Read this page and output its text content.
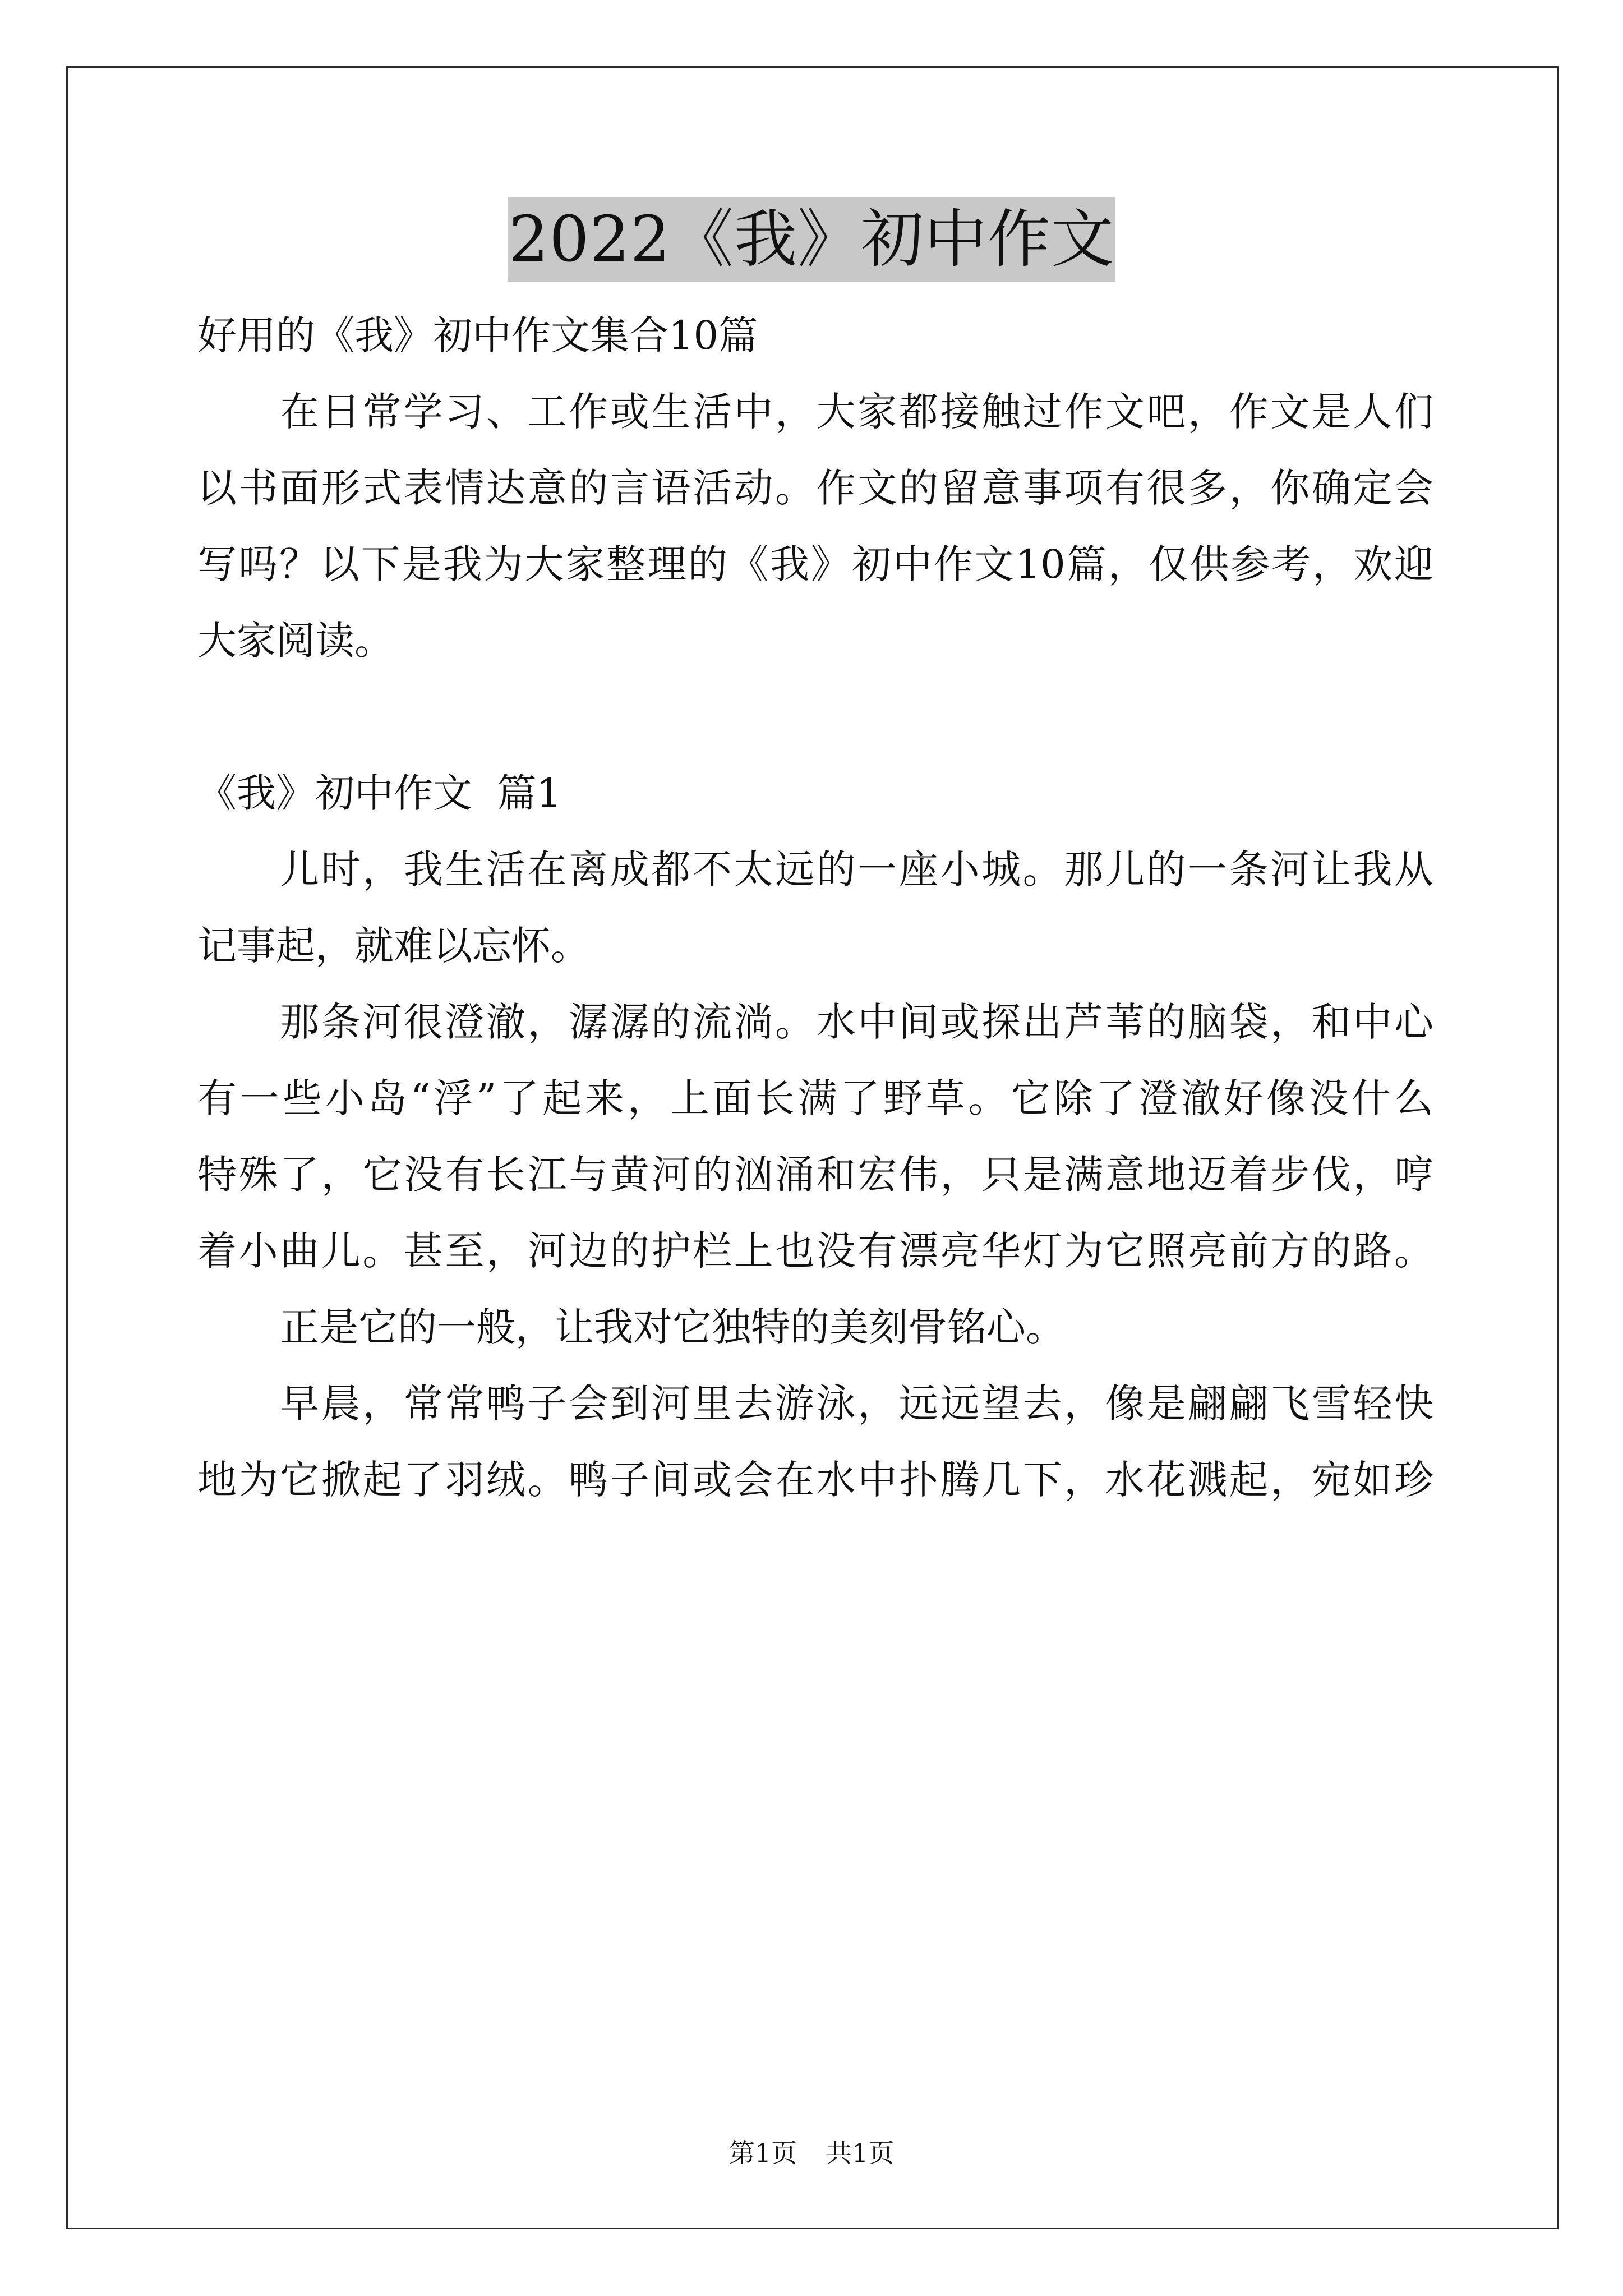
2022《我》初中作文
好用的《我》初中作文集合10篇
在日常学习、工作或生活中，大家都接触过作文吧，作文是人们
以书面形式表情达意的言语活动。作文的留意事项有很多，你确定会
写吗？以下是我为大家整理的《我》初中作文10篇，仅供参考，欢迎
大家阅读。
《我》初中作文  篇1
儿时，我生活在离成都不太远的一座小城。那儿的一条河让我从
记事起，就难以忘怀。
那条河很澄澈，潺潺的流淌。水中间或探出芦苇的脑袋，和中心
有一些小岛“浮”了起来，上面长满了野草。它除了澄澈好像没什么
特殊了，它没有长江与黄河的汹涌和宏伟，只是满意地迈着步伐，哼
着小曲儿。甚至，河边的护栏上也没有漂亮华灯为它照亮前方的路。
正是它的一般，让我对它独特的美刻骨铭心。
早晨，常常鸭子会到河里去游泳，远远望去，像是翩翩飞雪轻快
地为它掀起了羽绒。鸭子间或会在水中扑腾几下，水花溅起，宛如珍
第1页 共1页
